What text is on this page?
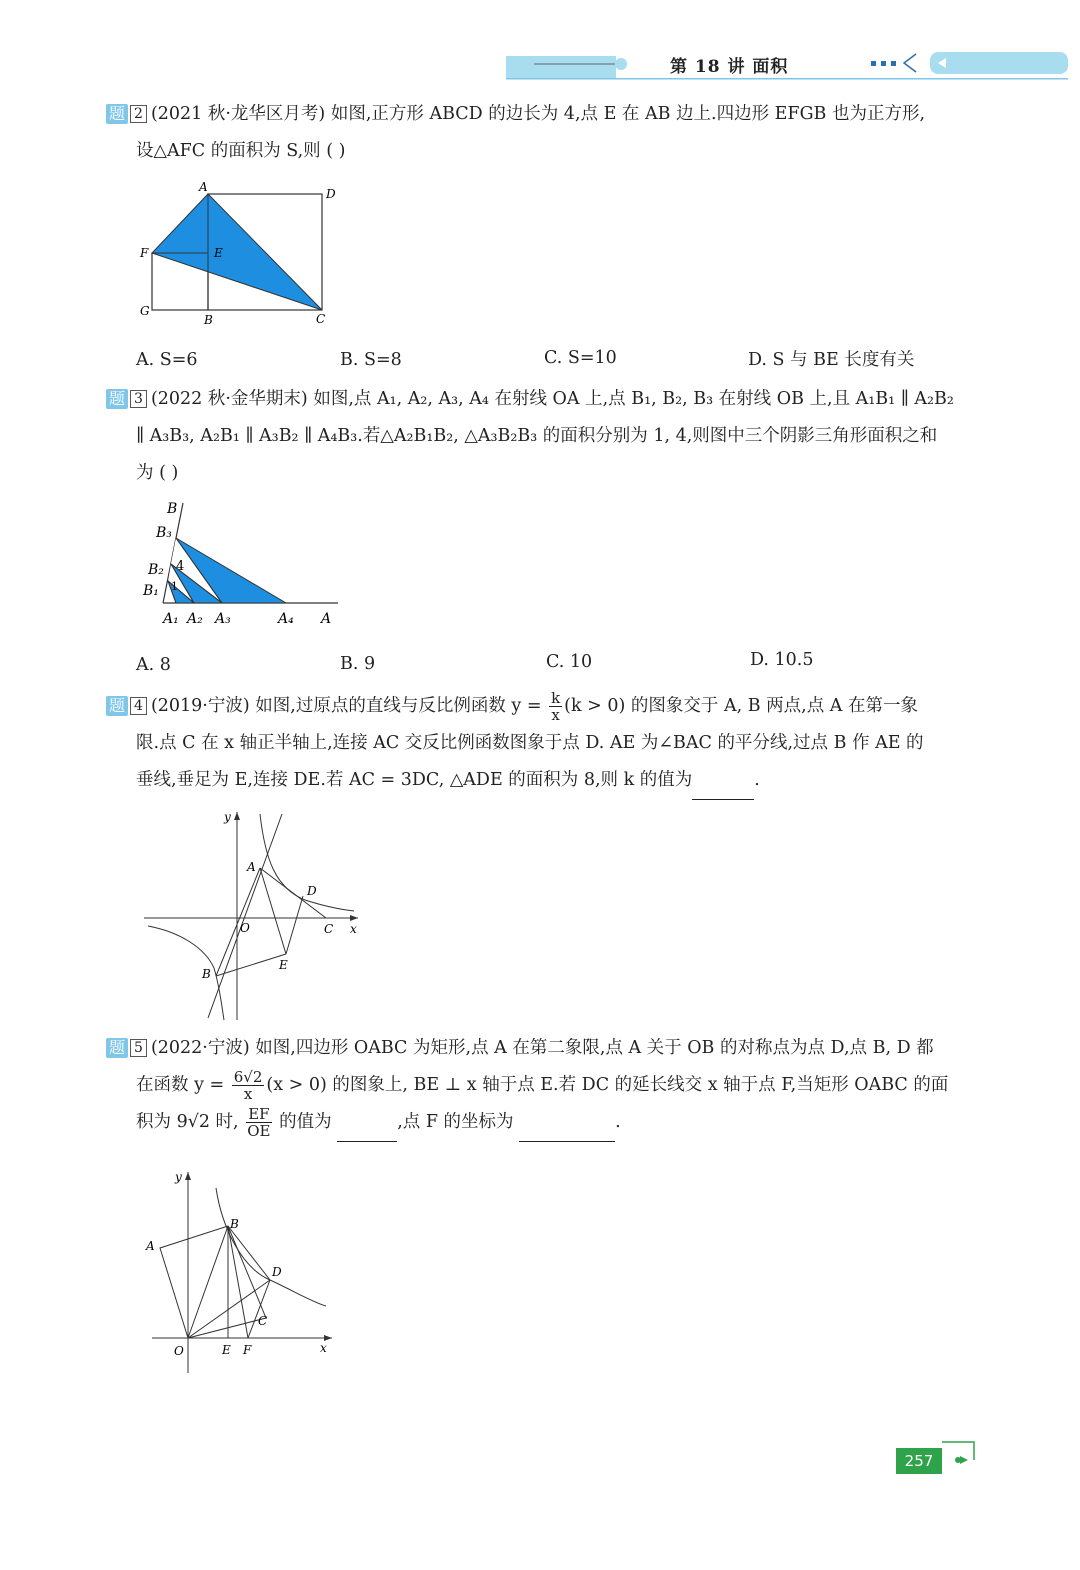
第 18 讲 面积
题 2 (2021 秋·龙华区月考) 如图,正方形 ABCD 的边长为 4,点 E 在 AB 边上.四边形 EFGB 也为正方形,
设△AFC 的面积为 S,则 ( )
A	D
F	E
G
B	C
A. S=6	B. S=8	C. S=10	D. S 与 BE 长度有关
题 3 (2022 秋·金华期末) 如图,点 A₁, A₂, A₃, A₄ 在射线 OA 上,点 B₁, B₂, B₃ 在射线 OB 上,且 A₁B₁ ∥ A₂B₂
∥ A₃B₃, A₂B₁ ∥ A₃B₂ ∥ A₄B₃.若△A₂B₁B₂, △A₃B₂B₃ 的面积分别为 1, 4,则图中三个阴影三角形面积之和
为 ( )
B
B₃
B₂
B₁
4
1
A₁ A₂ A₃	A₄ A
A. 8	B. 9	C. 10	D. 10.5
题 4 (2019·宁波) 如图,过原点的直线与反比例函数 $y = \frac{k}{x} (k > 0)$ 的图象交于 A, B 两点,点 A 在第一象
限.点 C 在 x 轴正半轴上,连接 AC 交反比例函数图象于点 D. AE 为∠BAC 的平分线,过点 B 作 AE 的
垂线,垂足为 E,连接 DE.若 AC = 3DC, △ADE 的面积为 8,则 k 的值为	.
y
A
D
O	C x
B
E
题 5 (2022·宁波) 如图,四边形 OABC 为矩形,点 A 在第二象限,点 A 关于 OB 的对称点为点 D,点 B, D 都
在函数 $y = \frac{6√2}{x} (x > 0)$ 的图象上, BE ⊥ x 轴于点 E.若 DC 的延长线交 x 轴于点 F,当矩形 OABC 的面
积为 9√2 时, $\frac{EF}{OE}$ 的值为	,点 F 的坐标为	.
y
A
B
D
C
O	E F	x
257
